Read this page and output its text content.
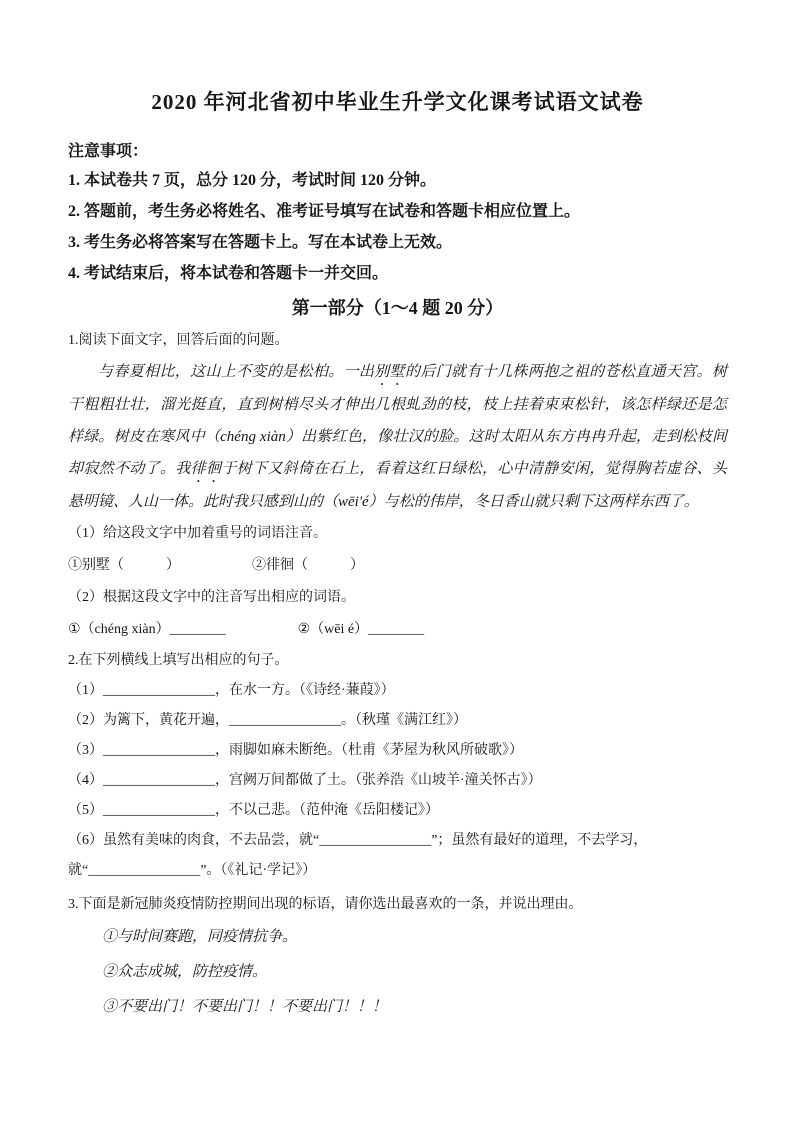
2020 年河北省初中毕业生升学文化课考试语文试卷

注意事项：

1. 本试卷共 7 页，总分 120 分，考试时间 120 分钟。

2. 答题前，考生务必将姓名、准考证号填写在试卷和答题卡相应位置上。

3. 考生务必将答案写在答题卡上。写在本试卷上无效。

4. 考试结束后，将本试卷和答题卡一并交回。

第一部分（1～4 题 20 分）

1.阅读下面文字，回答后面的问题。

与春夏相比，这山上不变的是松柏。一出别墅的后门就有十几株两抱之祖的苍松直通天宫。树干粗粗壮壮，溜光挺直，直到树梢尽头才伸出几根虬劲的枝，枝上挂着束束松针，该怎样绿还是怎样绿。树皮在寒风中（chéng xiàn）出紫红色，像壮汉的脸。这时太阳从东方冉冉升起，走到松枝间却寂然不动了。我徘徊于树下又斜倚在石上，看着这红日绿松，心中清静安闲，觉得胸若虚谷、头悬明镜、人山一体。此时我只感到山的（wēi'é）与松的伟岸，冬日香山就只剩下这两样东西了。

（1）给这段文字中加着重号的词语注音。

①别墅（　　　）	②徘徊（　　　）

（2）根据这段文字中的注音写出相应的词语。

①（chéng xiàn）________	②（wēi é）________

2.在下列横线上填写出相应的句子。

（1）________________，在水一方。（《诗经·蒹葭》）

（2）为篱下，黄花开遍，________________。（秋瑾《满江红》）

（3）________________，雨脚如麻未断绝。（杜甫《茅屋为秋风所破歌》）

（4）________________，宫阙万间都做了土。（张养浩《山坡羊·潼关怀古》）

（5）________________，不以己悲。（范仲淹《岳阳楼记》）

（6）虽然有美味的肉食，不去品尝，就“________________”；虽然有最好的道理，不去学习，就“________________”。（《礼记·学记》）

3.下面是新冠肺炎疫情防控期间出现的标语，请你选出最喜欢的一条，并说出理由。

①与时间赛跑，同疫情抗争。

②众志成城，防控疫情。

③不要出门！不要出门！！不要出门！！！
